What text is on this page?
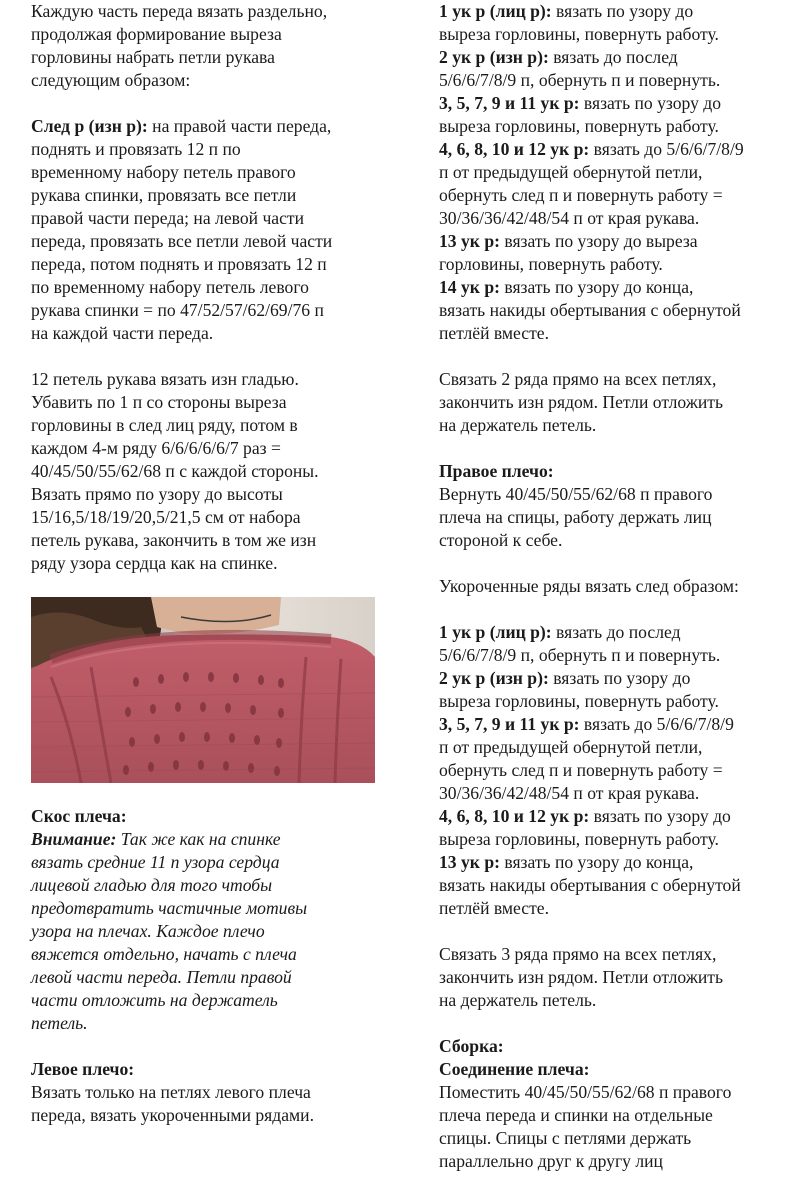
Каждую часть переда вязать раздельно,
продолжая формирование выреза
горловины набрать петли рукава
следующим образом:

След р (изн р): на правой части переда,
поднять и провязать 12 п по
временному набору петель правого
рукава спинки, провязать все петли
правой части переда; на левой части
переда, провязать все петли левой части
переда, потом поднять и провязать 12 п
по временному набору петель левого
рукава спинки = по 47/52/57/62/69/76 п
на каждой части переда.

12 петель рукава вязать изн гладью.
Убавить по 1 п со стороны выреза
горловины в след лиц ряду, потом в
каждом 4-м ряду 6/6/6/6/6/7 раз =
40/45/50/55/62/68 п с каждой стороны.
Вязать прямо по узору до высоты
15/16,5/18/19/20,5/21,5 см от набора
петель рукава, закончить в том же изн
ряду узора сердца как на спинке.

Скос плеча:
Внимание: Так же как на спинке
вязать средние 11 п узора сердца
лицевой гладью для того чтобы
предотвратить частичные мотивы
узора на плечах. Каждое плечо
вяжется отдельно, начать с плеча
левой части переда. Петли правой
части отложить на держатель
петель.

Левое плечо:
Вязать только на петлях левого плеча
переда, вязать укороченными рядами.

1 ук р (лиц р): вязать по узору до
выреза горловины, повернуть работу.

2 ук р (изн р): вязать до послед
5/6/6/7/8/9 п, обернуть п и повернуть.

3, 5, 7, 9 и 11 ук р: вязать по узору до
выреза горловины, повернуть работу.

4, 6, 8, 10 и 12 ук р: вязать до 5/6/6/7/8/9
п от предыдущей обернутой петли,
обернуть след п и повернуть работу =
30/36/36/42/48/54 п от края рукава.

13 ук р: вязать по узору до выреза
горловины, повернуть работу.

14 ук р: вязать по узору до конца,
вязать накиды обертывания с обернутой
петлёй вместе.

Связать 2 ряда прямо на всех петлях,
закончить изн рядом. Петли отложить
на держатель петель.

Правое плечо:
Вернуть 40/45/50/55/62/68 п правого
плеча на спицы, работу держать лиц
стороной к себе.

Укороченные ряды вязать след образом:

1 ук р (лиц р): вязать до послед
5/6/6/7/8/9 п, обернуть п и повернуть.

2 ук р (изн р): вязать по узору до
выреза горловины, повернуть работу.

3, 5, 7, 9 и 11 ук р: вязать до 5/6/6/7/8/9
п от предыдущей обернутой петли,
обернуть след п и повернуть работу =
30/36/36/42/48/54 п от края рукава.

4, 6, 8, 10 и 12 ук р: вязать по узору до
выреза горловины, повернуть работу.

13 ук р: вязать по узору до конца,
вязать накиды обертывания с обернутой
петлёй вместе.

Связать 3 ряда прямо на всех петлях,
закончить изн рядом. Петли отложить
на держатель петель.

Сборка:
Соединение плеча:
Поместить 40/45/50/55/62/68 п правого
плеча переда и спинки на отдельные
спицы. Спицы с петлями держать
параллельно друг к другу лиц
